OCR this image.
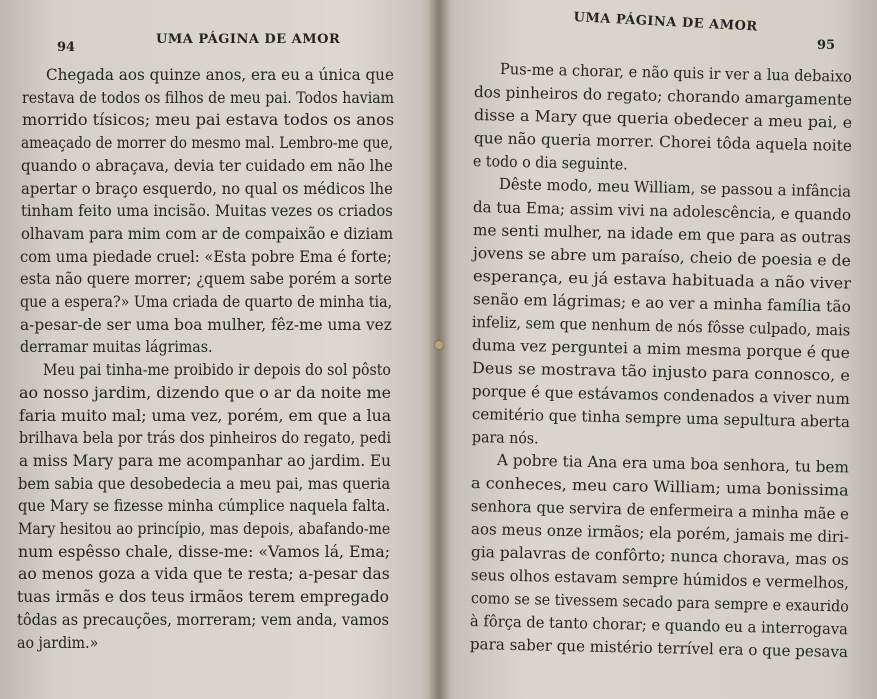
94
UMA PÁGINA DE AMOR
Chegada aos quinze anos, era eu a única que
restava de todos os filhos de meu pai. Todos haviam
morrido tísicos; meu pai estava todos os anos
ameaçado de morrer do mesmo mal. Lembro-me que,
quando o abraçava, devia ter cuidado em não lhe
apertar o braço esquerdo, no qual os médicos lhe
tinham feito uma incisão. Muitas vezes os criados
olhavam para mim com ar de compaixão e diziam
com uma piedade cruel: «Esta pobre Ema é forte;
esta não quere morrer; ¿quem sabe porém a sorte
que a espera?» Uma criada de quarto de minha tia,
a-pesar-de ser uma boa mulher, fêz-me uma vez
derramar muitas lágrimas.
Meu pai tinha-me proibido ir depois do sol pôsto
ao nosso jardim, dizendo que o ar da noite me
faria muito mal; uma vez, porém, em que a lua
brilhava bela por trás dos pinheiros do regato, pedi
a miss Mary para me acompanhar ao jardim. Eu
bem sabia que desobedecia a meu pai, mas queria
que Mary se fizesse minha cúmplice naquela falta.
Mary hesitou ao princípio, mas depois, abafando-me
num espêsso chale, disse-me: «Vamos lá, Ema;
ao menos goza a vida que te resta; a-pesar das
tuas irmãs e dos teus irmãos terem empregado
tôdas as precauções, morreram; vem anda, vamos
ao jardim.»
UMA PÁGINA DE AMOR
95
Pus-me a chorar, e não quis ir ver a lua debaixo
dos pinheiros do regato; chorando amargamente
disse a Mary que queria obedecer a meu pai, e
que não queria morrer. Chorei tôda aquela noite
e todo o dia seguinte.
Dêste modo, meu William, se passou a infância
da tua Ema; assim vivi na adolescência, e quando
me senti mulher, na idade em que para as outras
jovens se abre um paraíso, cheio de poesia e de
esperança, eu já estava habituada a não viver
senão em lágrimas; e ao ver a minha família tão
infeliz, sem que nenhum de nós fôsse culpado, mais
duma vez perguntei a mim mesma porque é que
Deus se mostrava tão injusto para connosco, e
porque é que estávamos condenados a viver num
cemitério que tinha sempre uma sepultura aberta
para nós.
A pobre tia Ana era uma boa senhora, tu bem
a conheces, meu caro William; uma bonissima
senhora que servira de enfermeira a minha mãe e
aos meus onze irmãos; ela porém, jamais me diri-
gia palavras de confôrto; nunca chorava, mas os
seus olhos estavam sempre húmidos e vermelhos,
como se se tivessem secado para sempre e exaurido
à fôrça de tanto chorar; e quando eu a interrogava
para saber que mistério terrível era o que pesava
